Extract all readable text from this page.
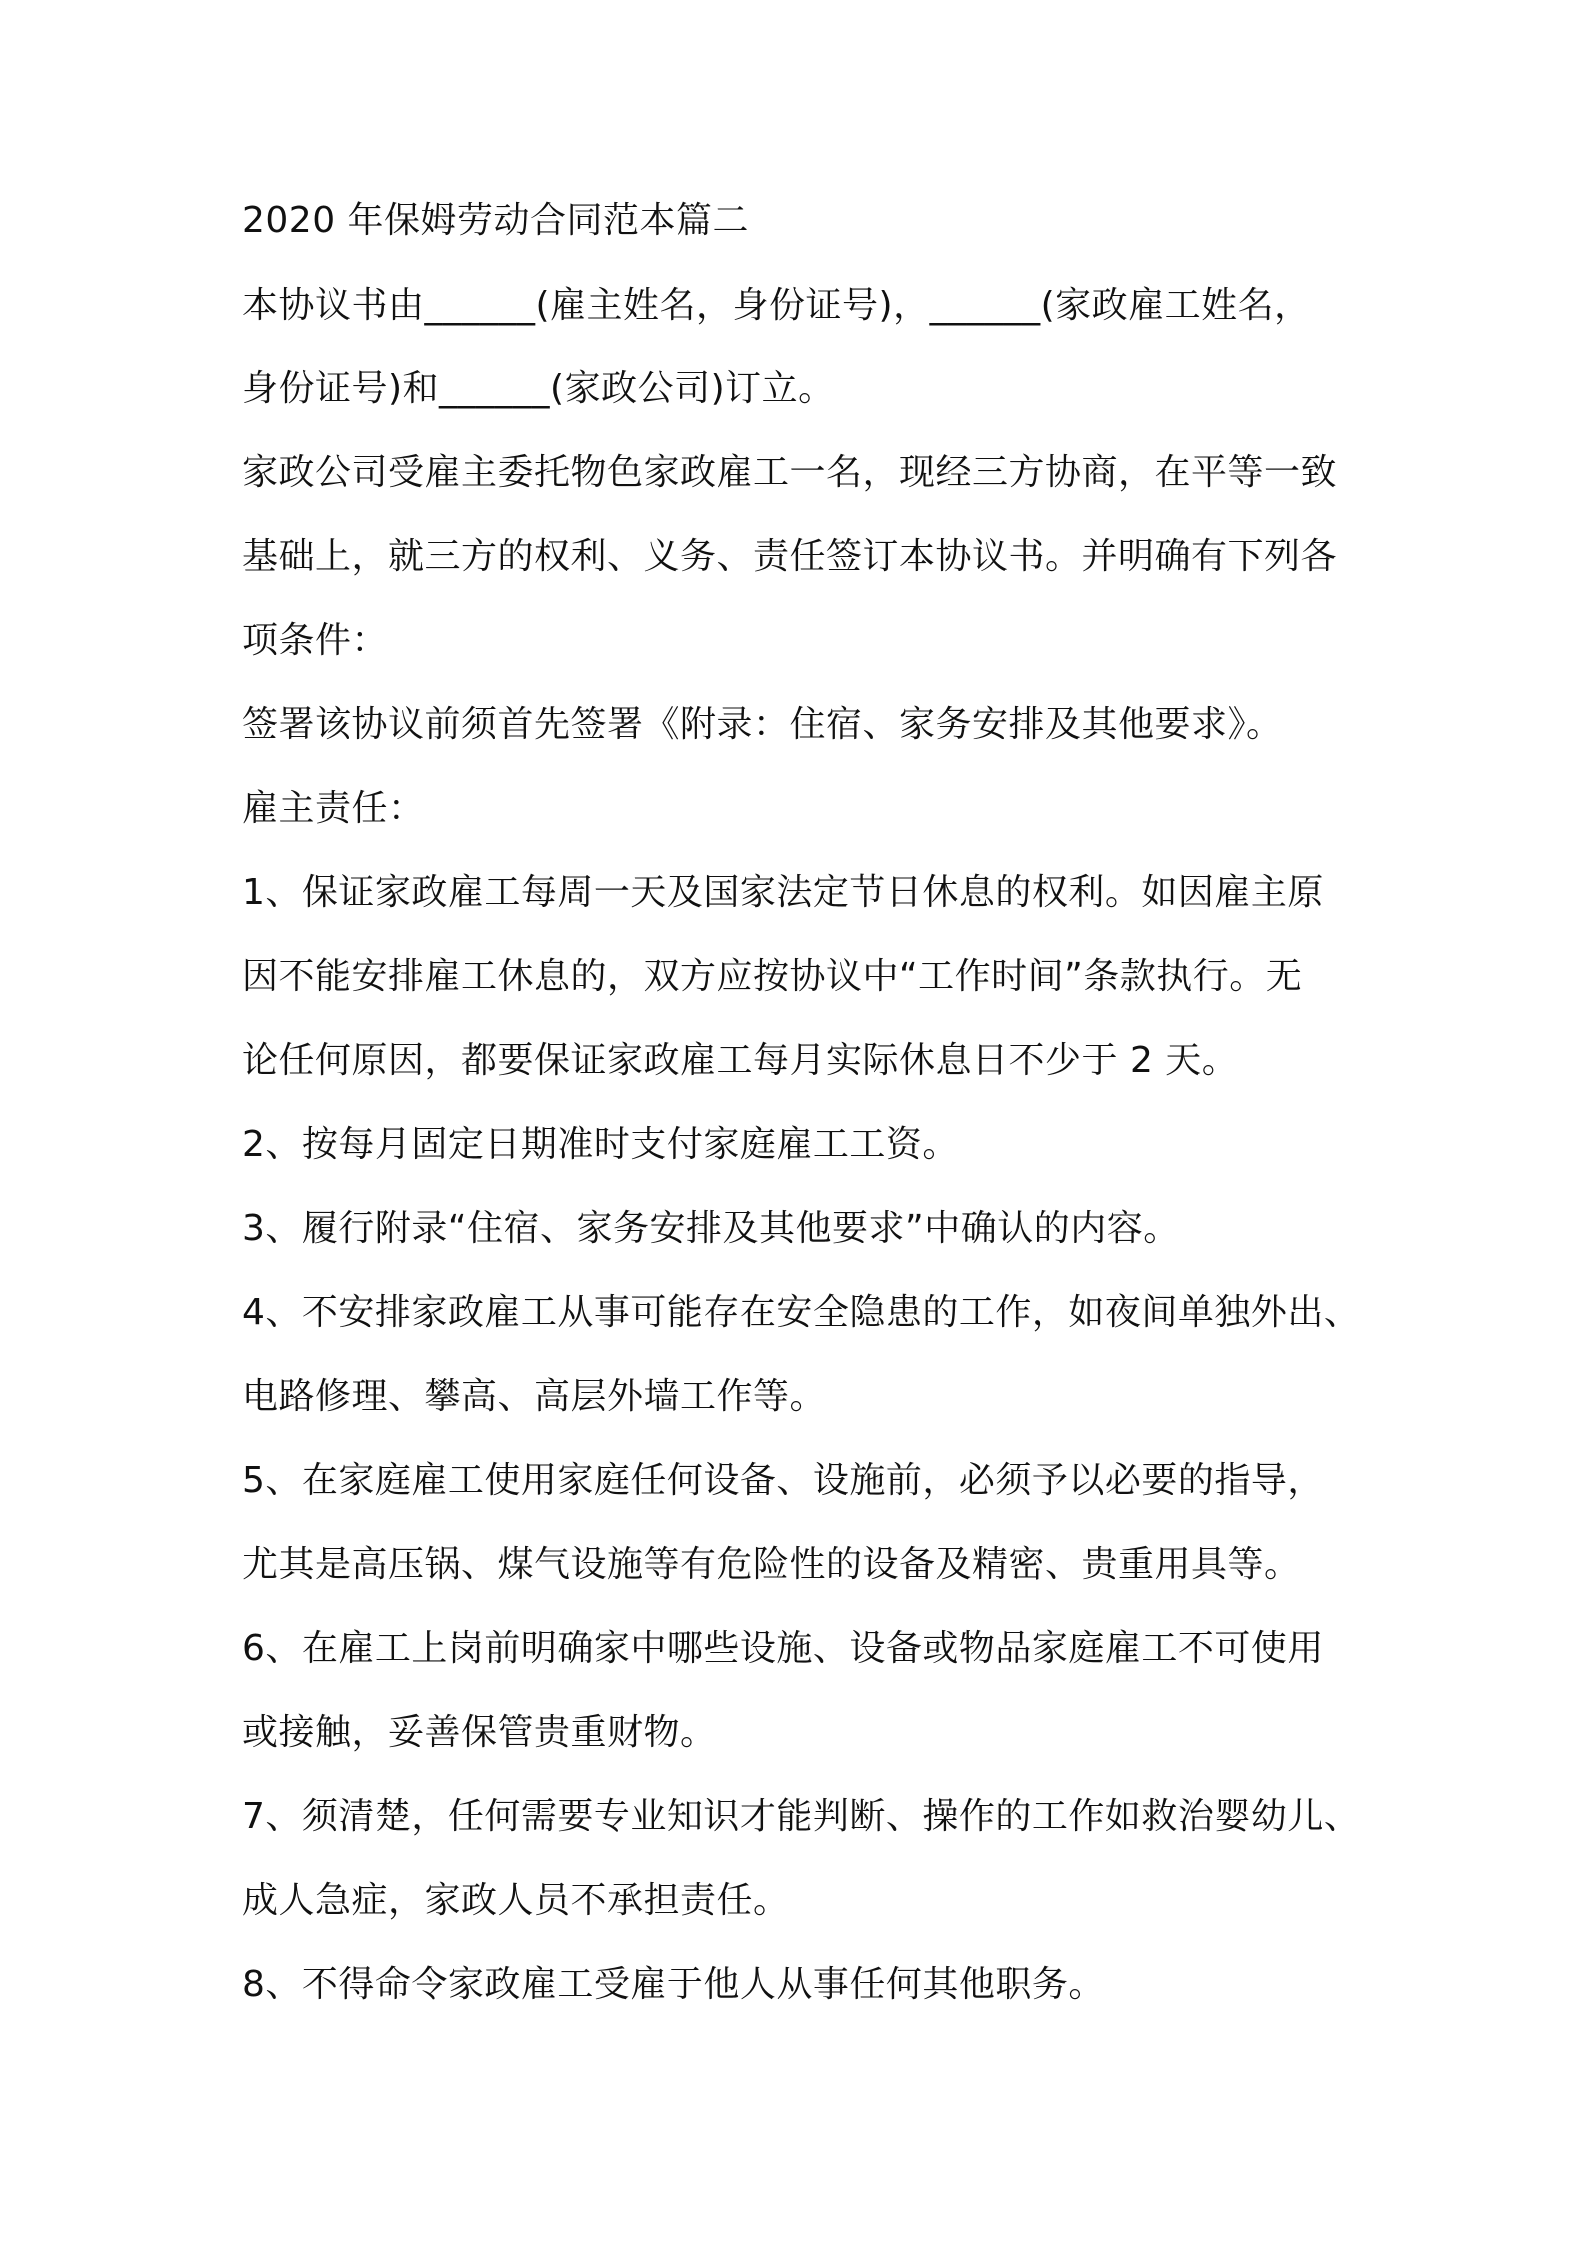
2020 年保姆劳动合同范本篇二

本协议书由______(雇主姓名，身份证号)，______(家政雇工姓名，

身份证号)和______(家政公司)订立。

家政公司受雇主委托物色家政雇工一名，现经三方协商，在平等一致

基础上，就三方的权利、义务、责任签订本协议书。并明确有下列各

项条件：

签署该协议前须首先签署《附录：住宿、家务安排及其他要求》。

雇主责任：

1、保证家政雇工每周一天及国家法定节日休息的权利。如因雇主原

因不能安排雇工休息的，双方应按协议中“工作时间”条款执行。无

论任何原因，都要保证家政雇工每月实际休息日不少于 2 天。

2、按每月固定日期准时支付家庭雇工工资。

3、履行附录“住宿、家务安排及其他要求”中确认的内容。

4、不安排家政雇工从事可能存在安全隐患的工作，如夜间单独外出、

电路修理、攀高、高层外墙工作等。

5、在家庭雇工使用家庭任何设备、设施前，必须予以必要的指导，

尤其是高压锅、煤气设施等有危险性的设备及精密、贵重用具等。

6、在雇工上岗前明确家中哪些设施、设备或物品家庭雇工不可使用

或接触，妥善保管贵重财物。

7、须清楚，任何需要专业知识才能判断、操作的工作如救治婴幼儿、

成人急症，家政人员不承担责任。

8、不得命令家政雇工受雇于他人从事任何其他职务。
